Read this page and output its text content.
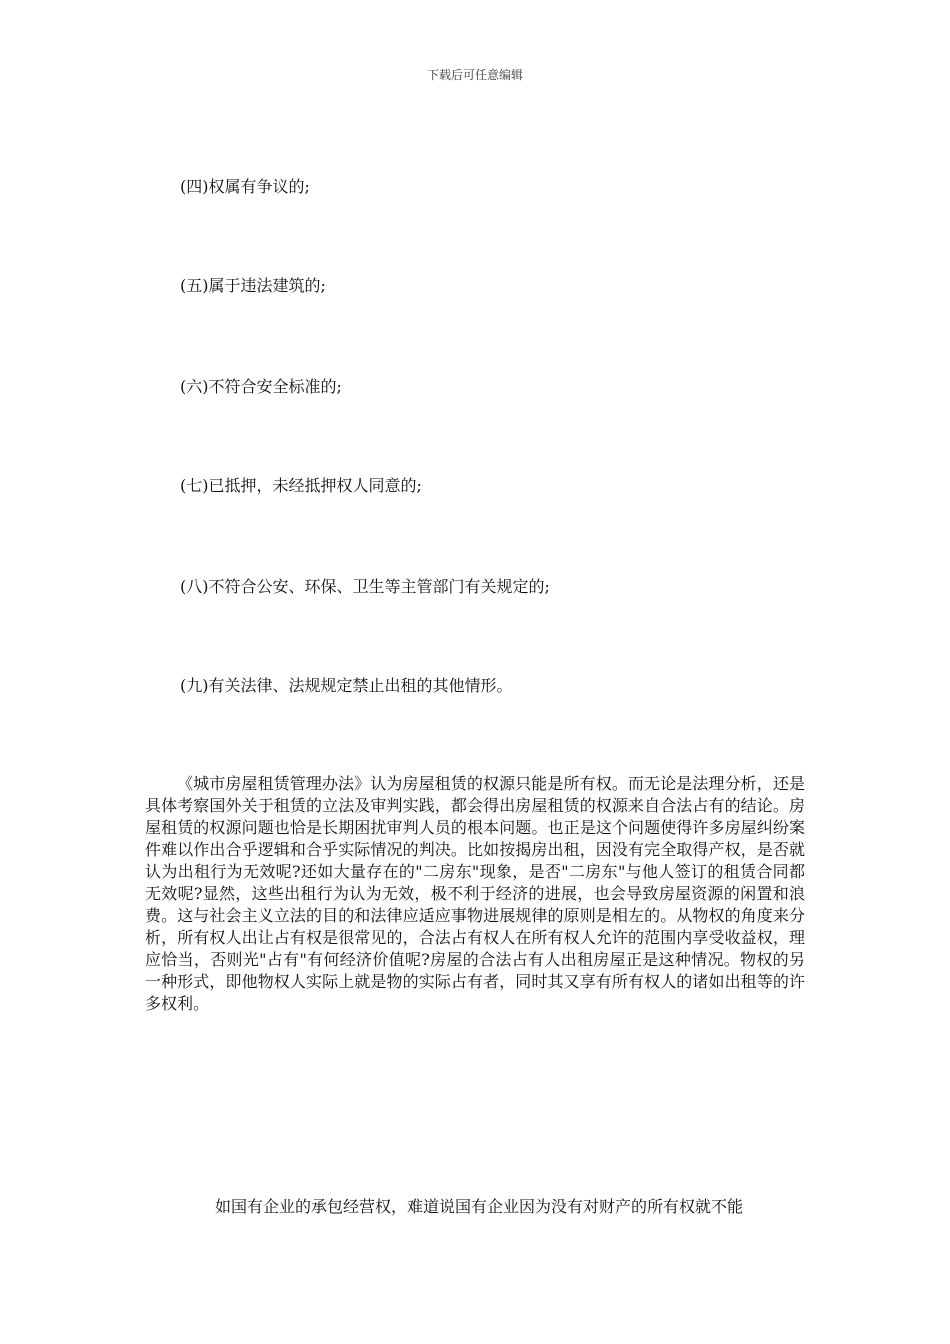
下载后可任意编辑
(四)权属有争议的;
(五)属于违法建筑的;
(六)不符合安全标准的;
(七)已抵押，未经抵押权人同意的;
(八)不符合公安、环保、卫生等主管部门有关规定的;
(九)有关法律、法规规定禁止出租的其他情形。
《城市房屋租赁管理办法》认为房屋租赁的权源只能是所有权。而无论是法理分析，还是具体考察国外关于租赁的立法及审判实践，都会得出房屋租赁的权源来自合法占有的结论。房屋租赁的权源问题也恰是长期困扰审判人员的根本问题。也正是这个问题使得许多房屋纠纷案件难以作出合乎逻辑和合乎实际情况的判决。比如按揭房出租，因没有完全取得产权，是否就认为出租行为无效呢?还如大量存在的"二房东"现象，是否"二房东"与他人签订的租赁合同都无效呢?显然，这些出租行为认为无效，极不利于经济的进展，也会导致房屋资源的闲置和浪费。这与社会主义立法的目的和法律应适应事物进展规律的原则是相左的。从物权的角度来分析，所有权人出让占有权是很常见的，合法占有权人在所有权人允许的范围内享受收益权，理应恰当，否则光"占有"有何经济价值呢?房屋的合法占有人出租房屋正是这种情况。物权的另一种形式，即他物权人实际上就是物的实际占有者，同时其又享有所有权人的诸如出租等的许多权利。
如国有企业的承包经营权，难道说国有企业因为没有对财产的所有权就不能
